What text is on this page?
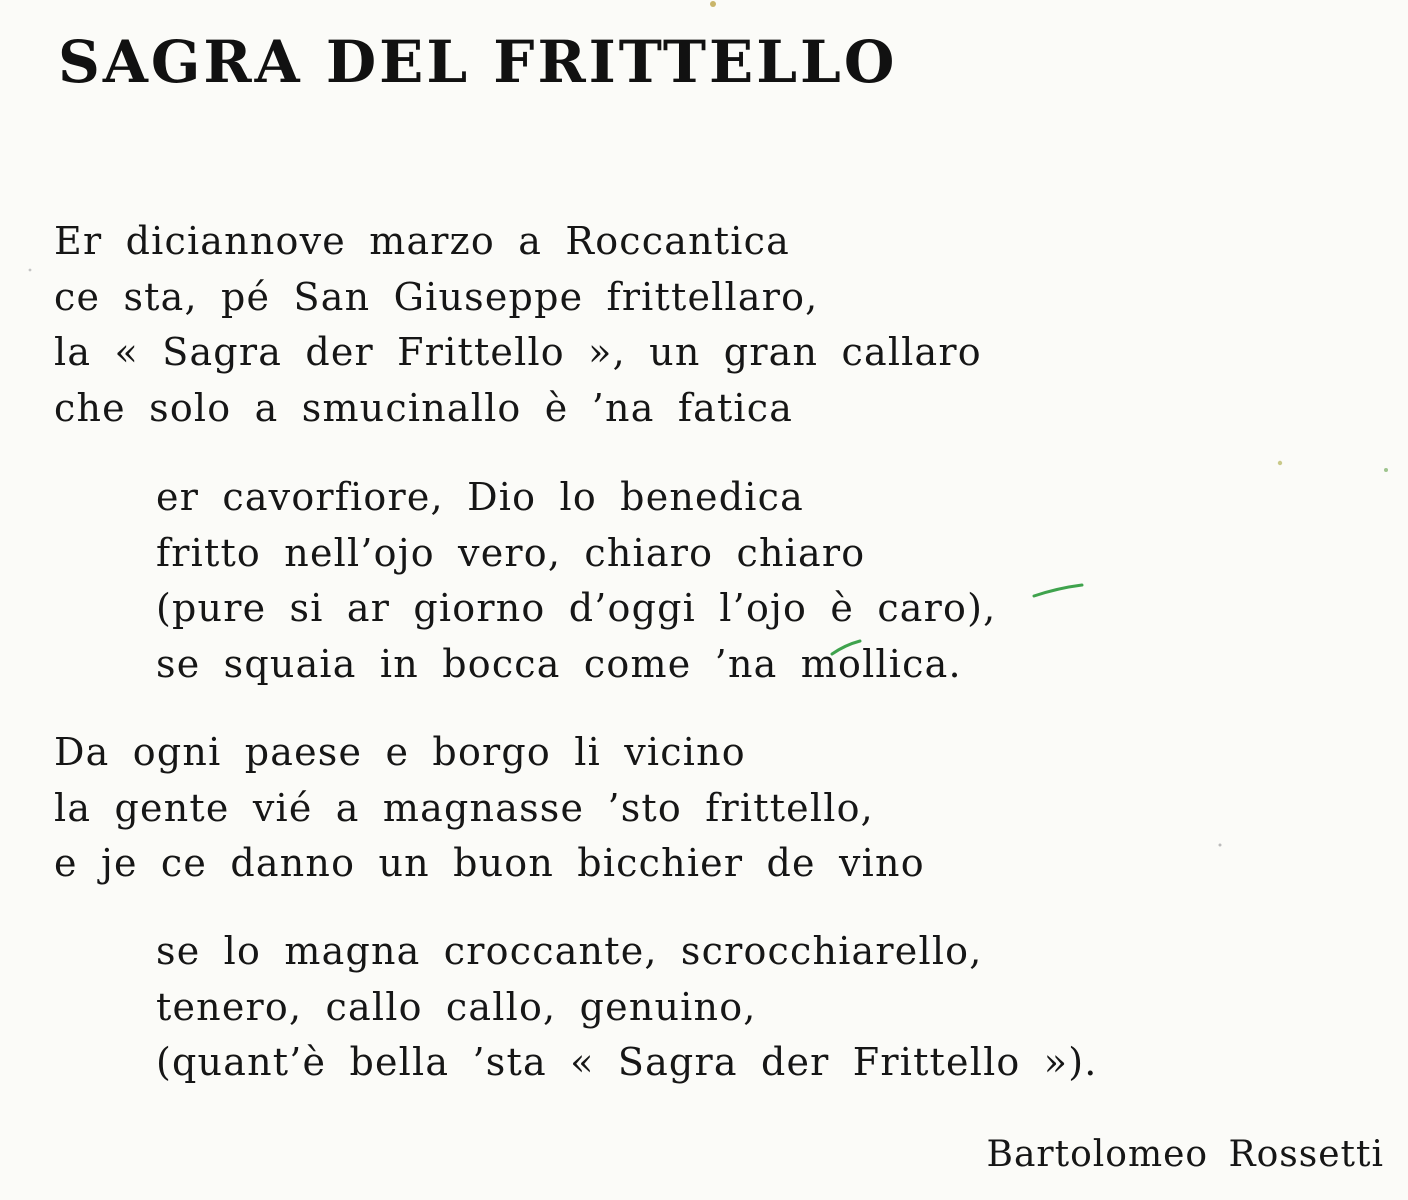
SAGRA DEL FRITTELLO
Er diciannove marzo a Roccantica
ce sta, pé San Giuseppe frittellaro,
la « Sagra der Frittello », un gran callaro
che solo a smucinallo è ’na fatica
er cavorfiore, Dio lo benedica
fritto nell’ojo vero, chiaro chiaro
(pure si ar giorno d’oggi l’ojo è caro),
se squaia in bocca come ’na mollica.
Da ogni paese e borgo li vicino
la gente vié a magnasse ’sto frittello,
e je ce danno un buon bicchier de vino
se lo magna croccante, scrocchiarello,
tenero, callo callo, genuino,
(quant’è bella ’sta « Sagra der Frittello »).

Bartolomeo Rossetti
